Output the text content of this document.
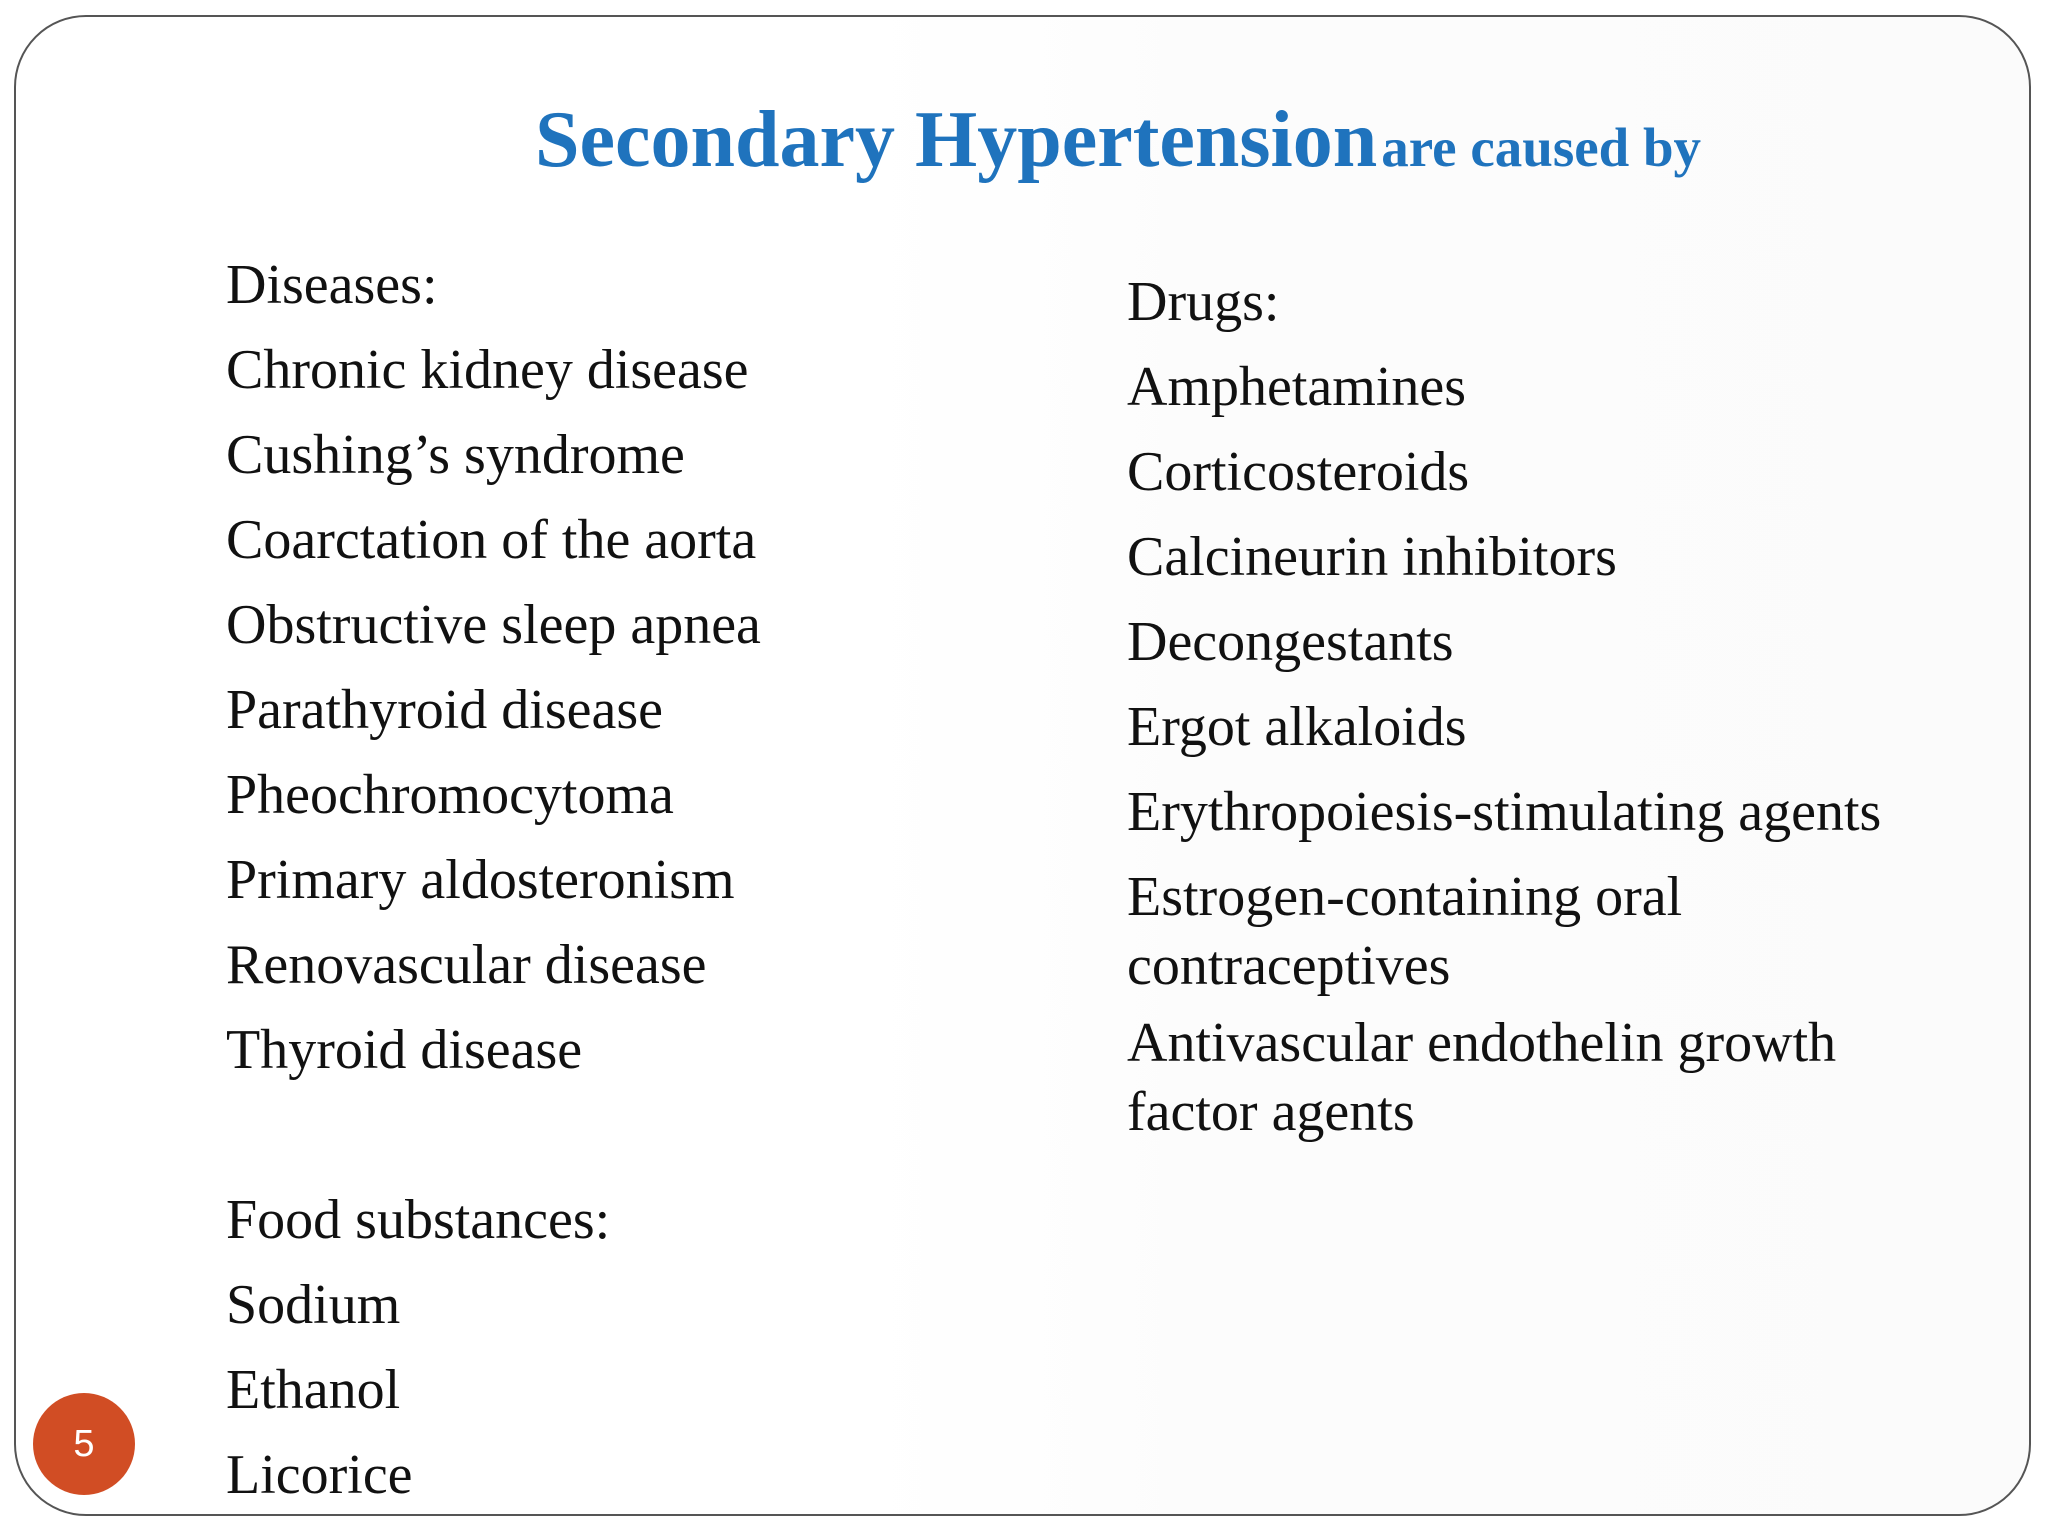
Secondary Hypertension are caused by
Diseases:
Chronic kidney disease
Cushing’s syndrome
Coarctation of the aorta
Obstructive sleep apnea
Parathyroid disease
Pheochromocytoma
Primary aldosteronism
Renovascular disease
Thyroid disease
Food substances:
Sodium
Ethanol
Licorice
Drugs:
Amphetamines
Corticosteroids
Calcineurin inhibitors
Decongestants
Ergot alkaloids
Erythropoiesis-stimulating agents
Estrogen-containing oral
contraceptives
Antivascular endothelin growth
factor agents
5
